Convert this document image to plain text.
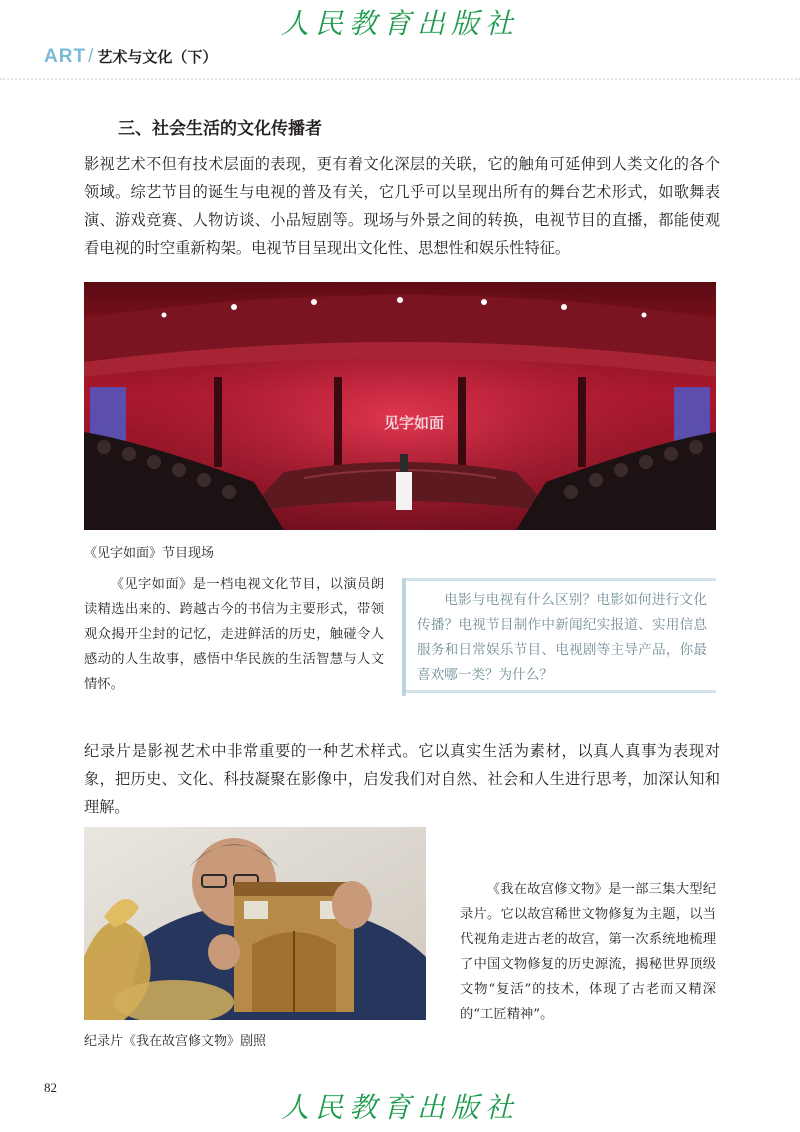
人民教育出版社
ART / 艺术与文化（下）
三、社会生活的文化传播者
影视艺术不但有技术层面的表现，更有着文化深层的关联，它的触角可延伸到人类文化的各个领域。综艺节目的诞生与电视的普及有关，它几乎可以呈现出所有的舞台艺术形式，如歌舞表演、游戏竞赛、人物访谈、小品短剧等。现场与外景之间的转换，电视节目的直播，都能使观看电视的时空重新构架。电视节目呈现出文化性、思想性和娱乐性特征。
见字如面
《见字如面》节目现场
《见字如面》是一档电视文化节目，以演员朗读精选出来的、跨越古今的书信为主要形式，带领观众揭开尘封的记忆，走进鲜活的历史，触碰令人感动的人生故事，感悟中华民族的生活智慧与人文情怀。
电影与电视有什么区别？电影如何进行文化传播？电视节目制作中新闻纪实报道、实用信息服务和日常娱乐节目、电视剧等主导产品，你最喜欢哪一类？为什么？
纪录片是影视艺术中非常重要的一种艺术样式。它以真实生活为素材，以真人真事为表现对象，把历史、文化、科技凝聚在影像中，启发我们对自然、社会和人生进行思考，加深认知和理解。
纪录片《我在故宫修文物》剧照
《我在故宫修文物》是一部三集大型纪录片。它以故宫稀世文物修复为主题，以当代视角走进古老的故宫，第一次系统地梳理了中国文物修复的历史源流，揭秘世界顶级文物“复活”的技术，体现了古老而又精深的“工匠精神”。
82
人民教育出版社
